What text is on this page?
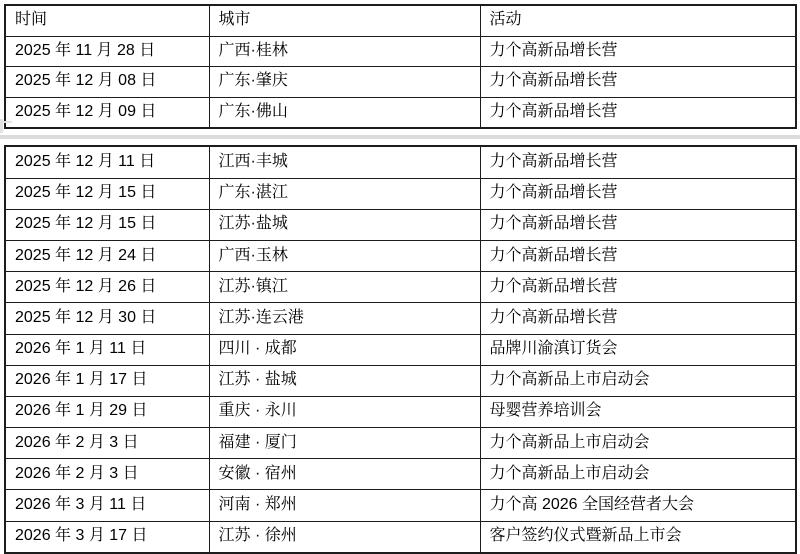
时间	城市	活动
2025 年 11 月 28 日	广西·桂林	力个高新品增长营
2025 年 12 月 08 日	广东·肇庆	力个高新品增长营
2025 年 12 月 09 日	广东·佛山	力个高新品增长营
2025 年 12 月 11 日	江西·丰城	力个高新品增长营
2025 年 12 月 15 日	广东·湛江	力个高新品增长营
2025 年 12 月 15 日	江苏·盐城	力个高新品增长营
2025 年 12 月 24 日	广西·玉林	力个高新品增长营
2025 年 12 月 26 日	江苏·镇江	力个高新品增长营
2025 年 12 月 30 日	江苏·连云港	力个高新品增长营
2026 年 1 月 11 日	四川 · 成都	品牌川渝滇订货会
2026 年 1 月 17 日	江苏 · 盐城	力个高新品上市启动会
2026 年 1 月 29 日	重庆 · 永川	母婴营养培训会
2026 年 2 月 3 日	福建 · 厦门	力个高新品上市启动会
2026 年 2 月 3 日	安徽 · 宿州	力个高新品上市启动会
2026 年 3 月 11 日	河南 · 郑州	力个高 2026 全国经营者大会
2026 年 3 月 17 日	江苏 · 徐州	客户签约仪式暨新品上市会
